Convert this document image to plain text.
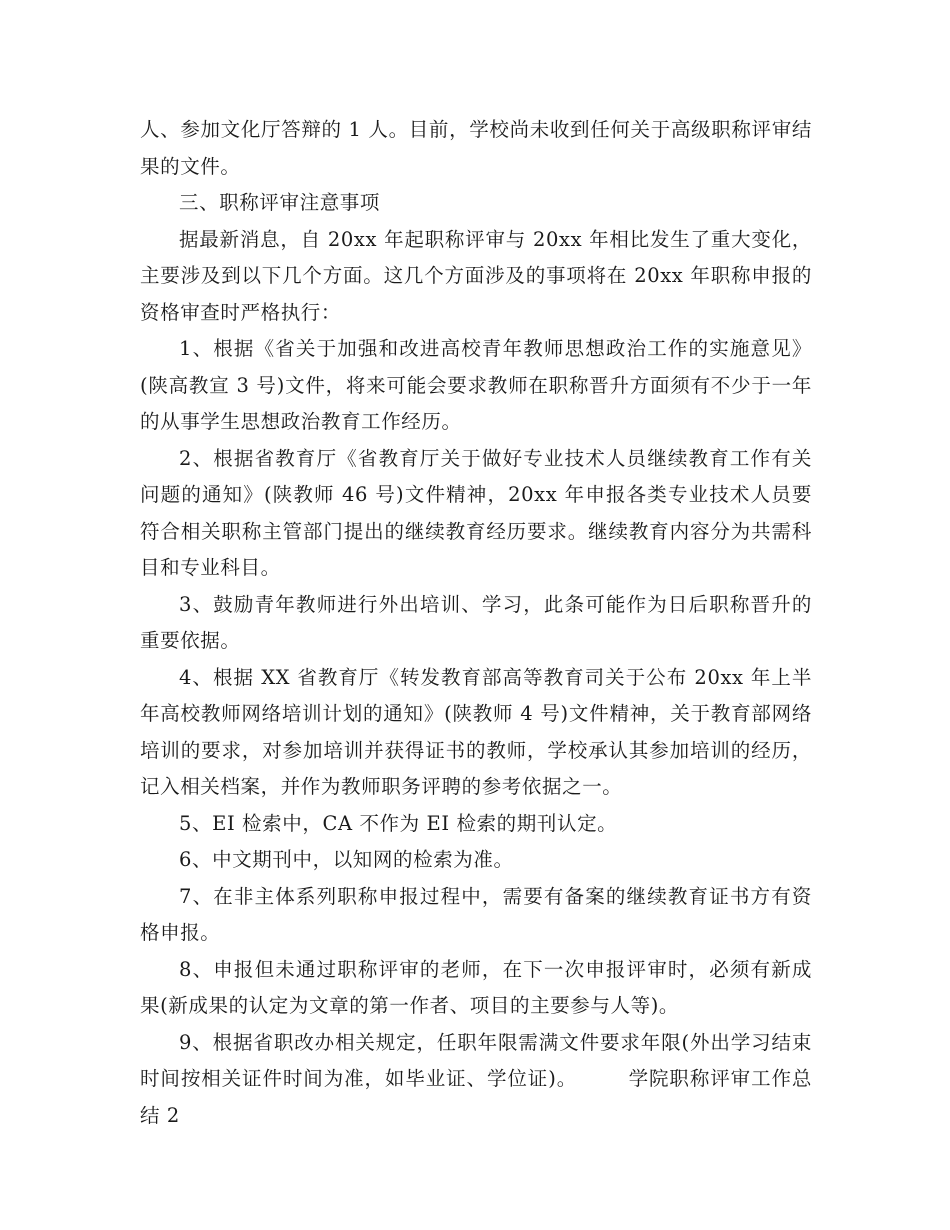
人、参加文化厅答辩的 1 人。目前，学校尚未收到任何关于高级职称评审结果的文件。

三、职称评审注意事项

据最新消息，自 20xx 年起职称评审与 20xx 年相比发生了重大变化，主要涉及到以下几个方面。这几个方面涉及的事项将在 20xx 年职称申报的资格审查时严格执行：

1、根据《省关于加强和改进高校青年教师思想政治工作的实施意见》(陕高教宣 3 号)文件，将来可能会要求教师在职称晋升方面须有不少于一年的从事学生思想政治教育工作经历。

2、根据省教育厅《省教育厅关于做好专业技术人员继续教育工作有关问题的通知》(陕教师 46 号)文件精神，20xx 年申报各类专业技术人员要符合相关职称主管部门提出的继续教育经历要求。继续教育内容分为共需科目和专业科目。

3、鼓励青年教师进行外出培训、学习，此条可能作为日后职称晋升的重要依据。

4、根据 XX 省教育厅《转发教育部高等教育司关于公布 20xx 年上半年高校教师网络培训计划的通知》(陕教师 4 号)文件精神，关于教育部网络培训的要求，对参加培训并获得证书的教师，学校承认其参加培训的经历，记入相关档案，并作为教师职务评聘的参考依据之一。

5、EI 检索中，CA 不作为 EI 检索的期刊认定。

6、中文期刊中，以知网的检索为准。

7、在非主体系列职称申报过程中，需要有备案的继续教育证书方有资格申报。

8、申报但未通过职称评审的老师，在下一次申报评审时，必须有新成果(新成果的认定为文章的第一作者、项目的主要参与人等)。

9、根据省职改办相关规定，任职年限需满文件要求年限(外出学习结束时间按相关证件时间为准，如毕业证、学位证)。　　　学院职称评审工作总结 2
